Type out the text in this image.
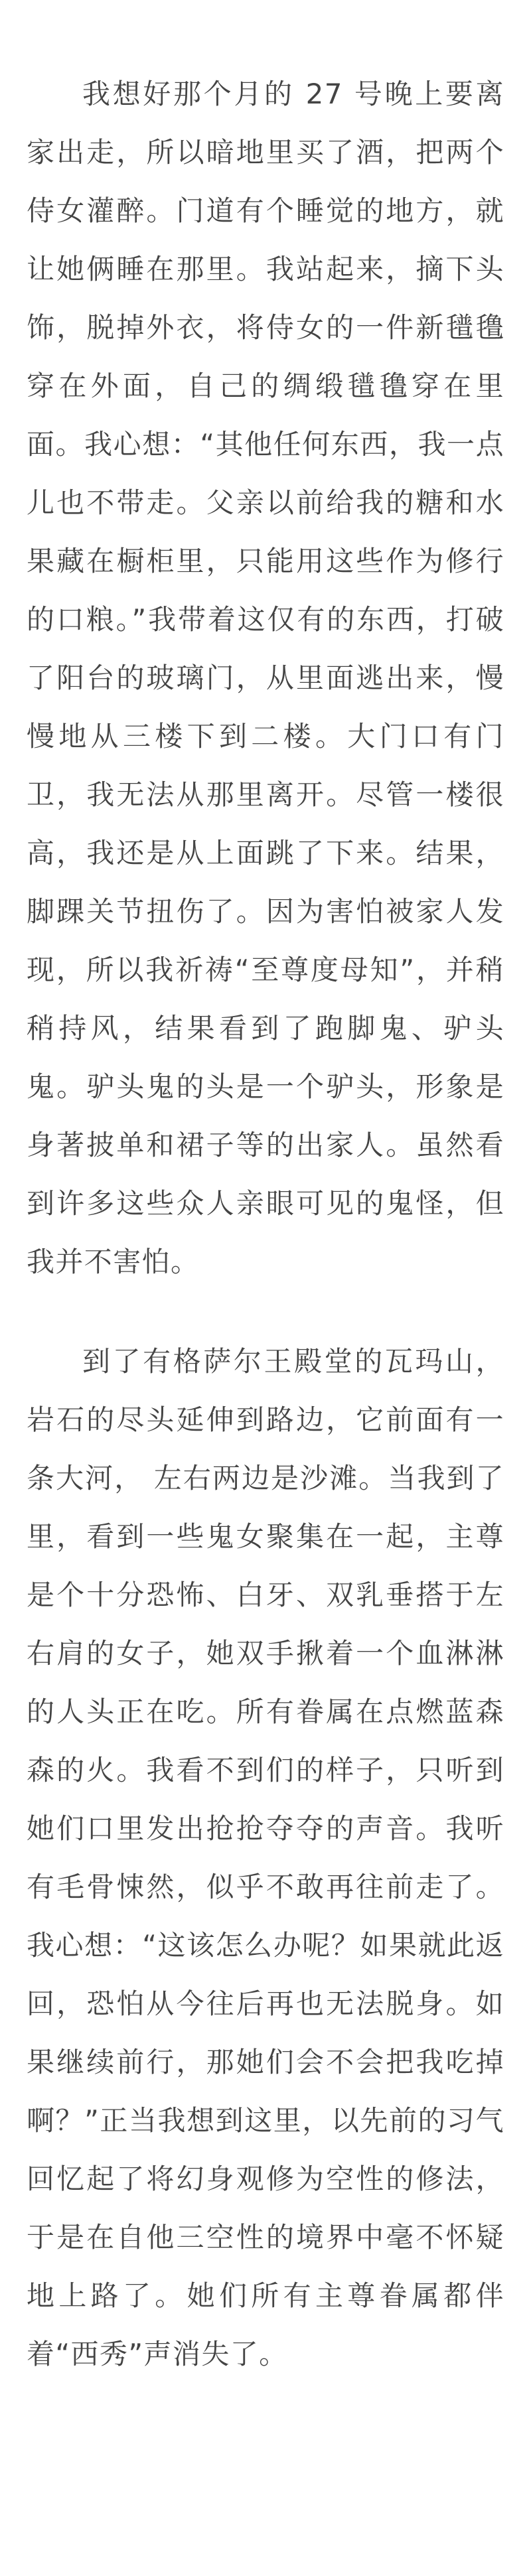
我想好那个月的 27 号晚上要离家出走，所以暗地里买了酒，把两个侍女灌醉。门道有个睡觉的地方，就让她俩睡在那里。我站起来，摘下头饰，脱掉外衣，将侍女的一件新氆氇穿在外面，自己的绸缎氆氇穿在里面。我心想：“其他任何东西，我一点儿也不带走。父亲以前给我的糖和水果藏在橱柜里，只能用这些作为修行的口粮。”我带着这仅有的东西，打破了阳台的玻璃门，从里面逃出来，慢慢地从三楼下到二楼。大门口有门卫，我无法从那里离开。尽管一楼很高，我还是从上面跳了下来。结果，脚踝关节扭伤了。因为害怕被家人发现，所以我祈祷“至尊度母知”，并稍稍持风，结果看到了跑脚鬼、驴头鬼。驴头鬼的头是一个驴头，形象是身著披单和裙子等的出家人。虽然看到许多这些众人亲眼可见的鬼怪，但我并不害怕。

到了有格萨尔王殿堂的瓦玛山，岩石的尽头延伸到路边，它前面有一条大河， 左右两边是沙滩。当我到了里，看到一些鬼女聚集在一起，主尊是个十分恐怖、白牙、双乳垂搭于左右肩的女子，她双手揪着一个血淋淋的人头正在吃。所有眷属在点燃蓝森森的火。我看不到们的样子，只听到她们口里发出抢抢夺夺的声音。我听有毛骨悚然，似乎不敢再往前走了。我心想：“这该怎么办呢？如果就此返回，恐怕从今往后再也无法脱身。如果继续前行，那她们会不会把我吃掉啊？”正当我想到这里，以先前的习气回忆起了将幻身观修为空性的修法，于是在自他三空性的境界中毫不怀疑地上路了。她们所有主尊眷属都伴着“西秀”声消失了。
